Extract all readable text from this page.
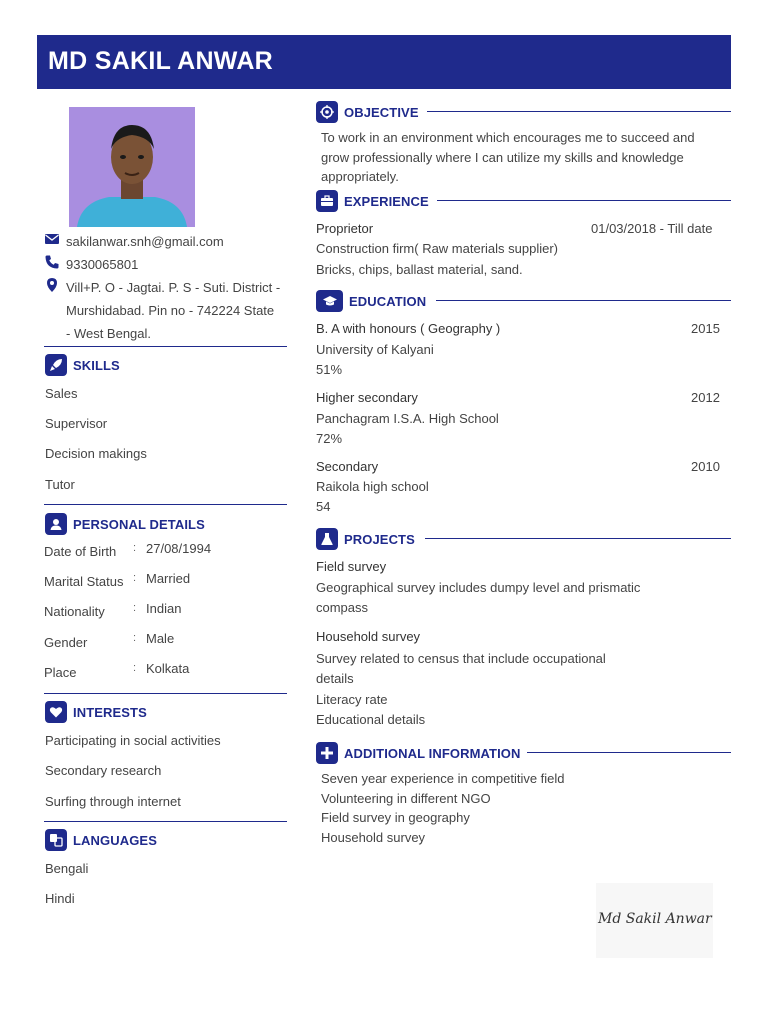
MD SAKIL ANWAR
sakilanwar.snh@gmail.com
9330065801
Vill+P. O - Jagtai. P. S - Suti. District -
Murshidabad. Pin no - 742224 State
- West Bengal.
SKILLS
Sales
Supervisor
Decision makings
Tutor
PERSONAL DETAILS
Date of Birth : 27/08/1994
Marital Status : Married
Nationality	: Indian
Gender	: Male
Place	: Kolkata
INTERESTS
Participating in social activities
Secondary research
Surfing through internet
LANGUAGES
Bengali
Hindi
OBJECTIVE
To work in an environment which encourages me to succeed and
grow professionally where I can utilize my skills and knowledge
appropriately.
EXPERIENCE
Proprietor	01/03/2018 - Till date
Construction firm( Raw materials supplier)
Bricks, chips, ballast material, sand.
EDUCATION
B. A with honours ( Geography )	2015
University of Kalyani
51%
Higher secondary	2012
Panchagram I.S.A. High School
72%
Secondary	2010
Raikola high school
54
PROJECTS
Field survey
Geographical survey includes dumpy level and prismatic
compass
Household survey
Survey related to census that include occupational
details
Literacy rate
Educational details
ADDITIONAL INFORMATION
Seven year experience in competitive field
Volunteering in different NGO
Field survey in geography
Household survey
Md Sakil Anwar
